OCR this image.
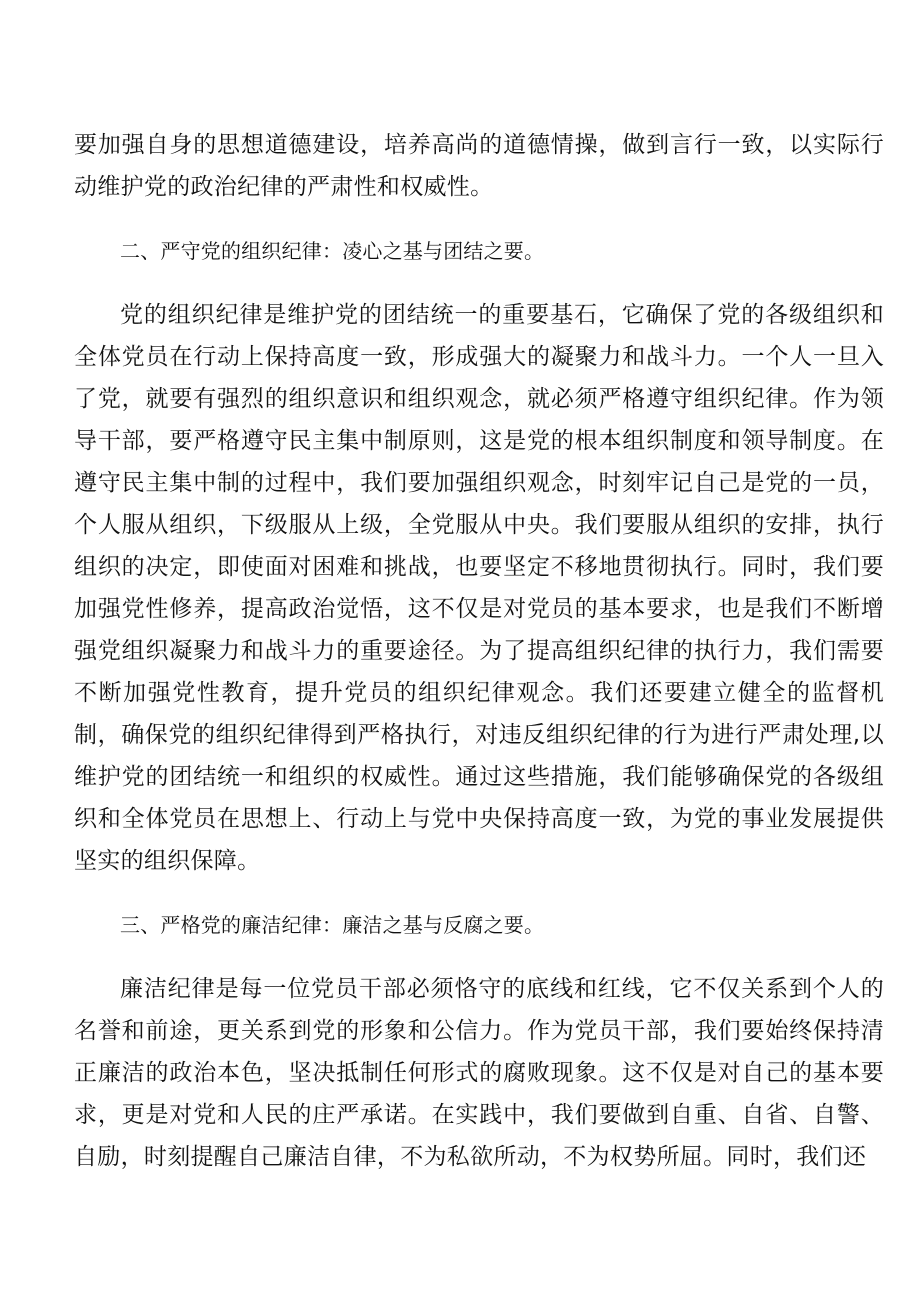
要加强自身的思想道德建设，培养高尚的道德情操，做到言行一致，以实际行动维护党的政治纪律的严肃性和权威性。

二、严守党的组织纪律：凌心之基与团结之要。

党的组织纪律是维护党的团结统一的重要基石，它确保了党的各级组织和全体党员在行动上保持高度一致，形成强大的凝聚力和战斗力。一个人一旦入了党，就要有强烈的组织意识和组织观念，就必须严格遵守组织纪律。作为领导干部，要严格遵守民主集中制原则，这是党的根本组织制度和领导制度。在遵守民主集中制的过程中，我们要加强组织观念，时刻牢记自己是党的一员，个人服从组织，下级服从上级，全党服从中央。我们要服从组织的安排，执行组织的决定，即使面对困难和挑战，也要坚定不移地贯彻执行。同时，我们要加强党性修养，提高政治觉悟，这不仅是对党员的基本要求，也是我们不断增强党组织凝聚力和战斗力的重要途径。为了提高组织纪律的执行力，我们需要不断加强党性教育，提升党员的组织纪律观念。我们还要建立健全的监督机制，确保党的组织纪律得到严格执行，对违反组织纪律的行为进行严肃处理,以维护党的团结统一和组织的权威性。通过这些措施，我们能够确保党的各级组织和全体党员在思想上、行动上与党中央保持高度一致，为党的事业发展提供坚实的组织保障。

三、严格党的廉洁纪律：廉洁之基与反腐之要。

廉洁纪律是每一位党员干部必须恪守的底线和红线，它不仅关系到个人的名誉和前途，更关系到党的形象和公信力。作为党员干部，我们要始终保持清正廉洁的政治本色，坚决抵制任何形式的腐败现象。这不仅是对自己的基本要求，更是对党和人民的庄严承诺。在实践中，我们要做到自重、自省、自警、自励，时刻提醒自己廉洁自律，不为私欲所动，不为权势所屈。同时，我们还
